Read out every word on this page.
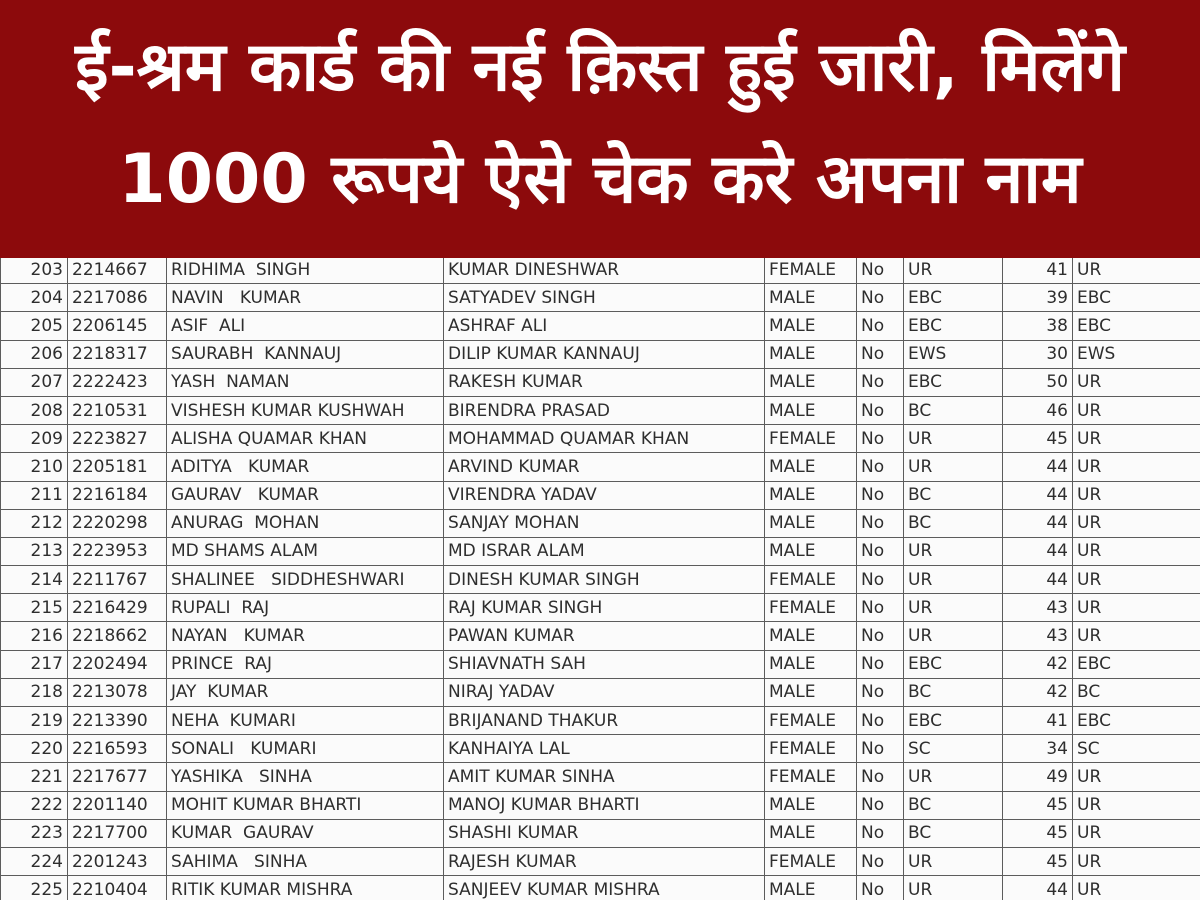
ई-श्रम कार्ड की नई क़िस्त हुई जारी, मिलेंगे
1000 रूपये ऐसे चेक करे अपना नाम
203	2214667	RIDHIMA  SINGH	KUMAR DINESHWAR	FEMALE	No	UR	41	UR
204	2217086	NAVIN   KUMAR	SATYADEV SINGH	MALE	No	EBC	39	EBC
205	2206145	ASIF  ALI	ASHRAF ALI	MALE	No	EBC	38	EBC
206	2218317	SAURABH  KANNAUJ	DILIP KUMAR KANNAUJ	MALE	No	EWS	30	EWS
207	2222423	YASH  NAMAN	RAKESH KUMAR	MALE	No	EBC	50	UR
208	2210531	VISHESH KUMAR KUSHWAH	BIRENDRA PRASAD	MALE	No	BC	46	UR
209	2223827	ALISHA QUAMAR KHAN	MOHAMMAD QUAMAR KHAN	FEMALE	No	UR	45	UR
210	2205181	ADITYA   KUMAR	ARVIND KUMAR	MALE	No	UR	44	UR
211	2216184	GAURAV   KUMAR	VIRENDRA YADAV	MALE	No	BC	44	UR
212	2220298	ANURAG  MOHAN	SANJAY MOHAN	MALE	No	BC	44	UR
213	2223953	MD SHAMS ALAM	MD ISRAR ALAM	MALE	No	UR	44	UR
214	2211767	SHALINEE   SIDDHESHWARI	DINESH KUMAR SINGH	FEMALE	No	UR	44	UR
215	2216429	RUPALI  RAJ	RAJ KUMAR SINGH	FEMALE	No	UR	43	UR
216	2218662	NAYAN   KUMAR	PAWAN KUMAR	MALE	No	UR	43	UR
217	2202494	PRINCE  RAJ	SHIAVNATH SAH	MALE	No	EBC	42	EBC
218	2213078	JAY  KUMAR	NIRAJ YADAV	MALE	No	BC	42	BC
219	2213390	NEHA  KUMARI	BRIJANAND THAKUR	FEMALE	No	EBC	41	EBC
220	2216593	SONALI   KUMARI	KANHAIYA LAL	FEMALE	No	SC	34	SC
221	2217677	YASHIKA   SINHA	AMIT KUMAR SINHA	FEMALE	No	UR	49	UR
222	2201140	MOHIT KUMAR BHARTI	MANOJ KUMAR BHARTI	MALE	No	BC	45	UR
223	2217700	KUMAR  GAURAV	SHASHI KUMAR	MALE	No	BC	45	UR
224	2201243	SAHIMA   SINHA	RAJESH KUMAR	FEMALE	No	UR	45	UR
225	2210404	RITIK KUMAR MISHRA	SANJEEV KUMAR MISHRA	MALE	No	UR	44	UR
